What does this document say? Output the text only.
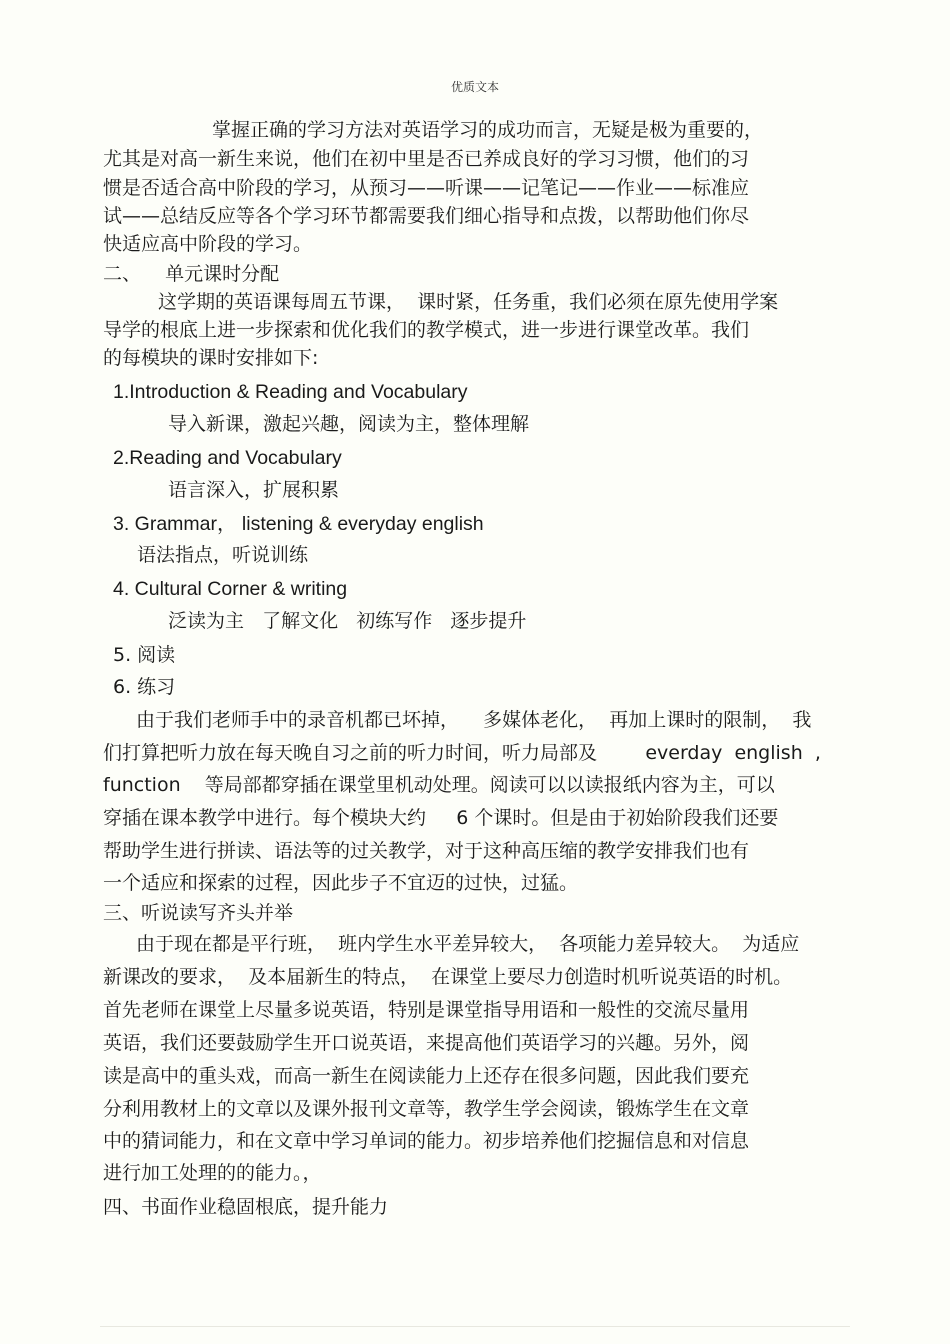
优质文本
掌握正确的学习方法对英语学习的成功而言，无疑是极为重要的，
尤其是对高一新生来说，他们在初中里是否已养成良好的学习习惯，他们的习
惯是否适合高中阶段的学习，从预习——听课——记笔记——作业——标准应
试——总结反应等各个学习环节都需要我们细心指导和点拨，以帮助他们你尽
快适应高中阶段的学习。
二、    单元课时分配
这学期的英语课每周五节课，  课时紧，任务重，我们必须在原先使用学案
导学的根底上进一步探索和优化我们的教学模式，进一步进行课堂改革。我们
的每模块的课时安排如下:
1.Introduction & Reading and Vocabulary
导入新课，激起兴趣，阅读为主，整体理解
2.Reading and Vocabulary
语言深入，扩展积累
3. Grammar， listening & everyday english
语法指点，听说训练
4. Cultural Corner & writing
泛读为主   了解文化   初练写作   逐步提升
5. 阅读
6. 练习
由于我们老师手中的录音机都已坏掉，    多媒体老化，  再加上课时的限制，  我
们打算把听力放在每天晚自习之前的听力时间，听力局部及        everday  english  ,
function    等局部都穿插在课堂里机动处理。阅读可以以读报纸内容为主，可以
穿插在课本教学中进行。每个模块大约     6 个课时。但是由于初始阶段我们还要
帮助学生进行拼读、语法等的过关教学，对于这种高压缩的教学安排我们也有
一个适应和探索的过程，因此步子不宜迈的过快，过猛。
三、听说读写齐头并举
由于现在都是平行班，  班内学生水平差异较大，  各项能力差异较大。  为适应
新课改的要求，  及本届新生的特点，  在课堂上要尽力创造时机听说英语的时机。
首先老师在课堂上尽量多说英语，特别是课堂指导用语和一般性的交流尽量用
英语，我们还要鼓励学生开口说英语，来提高他们英语学习的兴趣。另外，阅
读是高中的重头戏，而高一新生在阅读能力上还存在很多问题，因此我们要充
分利用教材上的文章以及课外报刊文章等，教学生学会阅读，锻炼学生在文章
中的猜词能力，和在文章中学习单词的能力。初步培养他们挖掘信息和对信息
进行加工处理的的能力。，
四、书面作业稳固根底，提升能力
